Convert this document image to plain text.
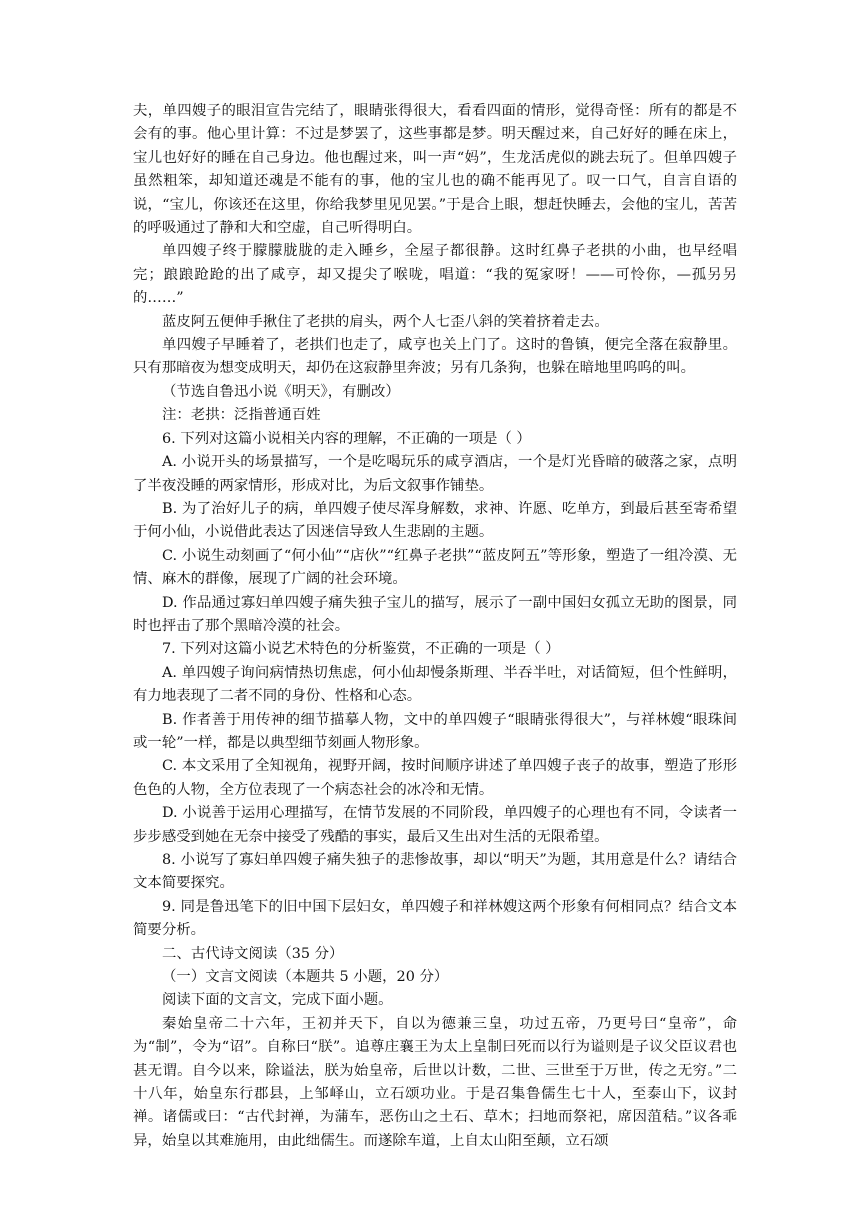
夫，单四嫂子的眼泪宣告完结了，眼睛张得很大，看看四面的情形，觉得奇怪：所有的都是不会有的事。他心里计算：不过是梦罢了，这些事都是梦。明天醒过来，自己好好的睡在床上，宝儿也好好的睡在自己身边。他也醒过来，叫一声“妈”，生龙活虎似的跳去玩了。但单四嫂子虽然粗笨，却知道还魂是不能有的事，他的宝儿也的确不能再见了。叹一口气，自言自语的说，“宝儿，你该还在这里，你给我梦里见见罢。”于是合上眼，想赶快睡去，会他的宝儿，苦苦的呼吸通过了静和大和空虚，自己听得明白。

单四嫂子终于朦朦胧胧的走入睡乡，全屋子都很静。这时红鼻子老拱的小曲，也早经唱完；踉踉跄跄的出了咸亨，却又提尖了喉咙，唱道：“我的冤家呀！——可怜你，—孤另另的……”

蓝皮阿五便伸手揪住了老拱的肩头，两个人七歪八斜的笑着挤着走去。

单四嫂子早睡着了，老拱们也走了，咸亨也关上门了。这时的鲁镇，便完全落在寂静里。只有那暗夜为想变成明天，却仍在这寂静里奔波；另有几条狗，也躲在暗地里呜呜的叫。

（节选自鲁迅小说《明天》，有删改）

注：老拱：泛指普通百姓

6. 下列对这篇小说相关内容的理解，不正确的一项是（ ）

A. 小说开头的场景描写，一个是吃喝玩乐的咸亨酒店，一个是灯光昏暗的破落之家，点明了半夜没睡的两家情形，形成对比，为后文叙事作铺垫。

B. 为了治好儿子的病，单四嫂子使尽浑身解数，求神、许愿、吃单方，到最后甚至寄希望于何小仙，小说借此表达了因迷信导致人生悲剧的主题。

C. 小说生动刻画了“何小仙”“店伙”“红鼻子老拱”“蓝皮阿五”等形象，塑造了一组冷漠、无情、麻木的群像，展现了广阔的社会环境。

D. 作品通过寡妇单四嫂子痛失独子宝儿的描写，展示了一副中国妇女孤立无助的图景，同时也抨击了那个黑暗冷漠的社会。

7. 下列对这篇小说艺术特色的分析鉴赏，不正确的一项是（ ）

A. 单四嫂子询问病情热切焦虑，何小仙却慢条斯理、半吞半吐，对话简短，但个性鲜明，有力地表现了二者不同的身份、性格和心态。

B. 作者善于用传神的细节描摹人物，文中的单四嫂子“眼睛张得很大”，与祥林嫂“眼珠间或一轮”一样，都是以典型细节刻画人物形象。

C. 本文采用了全知视角，视野开阔，按时间顺序讲述了单四嫂子丧子的故事，塑造了形形色色的人物，全方位表现了一个病态社会的冰冷和无情。

D. 小说善于运用心理描写，在情节发展的不同阶段，单四嫂子的心理也有不同，令读者一步步感受到她在无奈中接受了残酷的事实，最后又生出对生活的无限希望。

8. 小说写了寡妇单四嫂子痛失独子的悲惨故事，却以“明天”为题，其用意是什么？请结合文本简要探究。

9. 同是鲁迅笔下的旧中国下层妇女，单四嫂子和祥林嫂这两个形象有何相同点？结合文本简要分析。

二、古代诗文阅读（35 分）

（一）文言文阅读（本题共 5 小题，20 分）

阅读下面的文言文，完成下面小题。

秦始皇帝二十六年，王初并天下，自以为德兼三皇，功过五帝，乃更号曰“皇帝”，命为“制”，令为“诏”。自称曰“朕”。追尊庄襄王为太上皇制曰死而以行为谥则是子议父臣议君也甚无谓。自今以来，除谥法，朕为始皇帝，后世以计数，二世、三世至于万世，传之无穷。”二十八年，始皇东行郡县，上邹峄山，立石颂功业。于是召集鲁儒生七十人，至泰山下，议封禅。诸儒或曰：“古代封禅，为蒲车，恶伤山之土石、草木；扫地而祭祀，席因菹秸。”议各乖异，始皇以其难施用，由此绌儒生。而遂除车道，上自太山阳至颠，立石颂
